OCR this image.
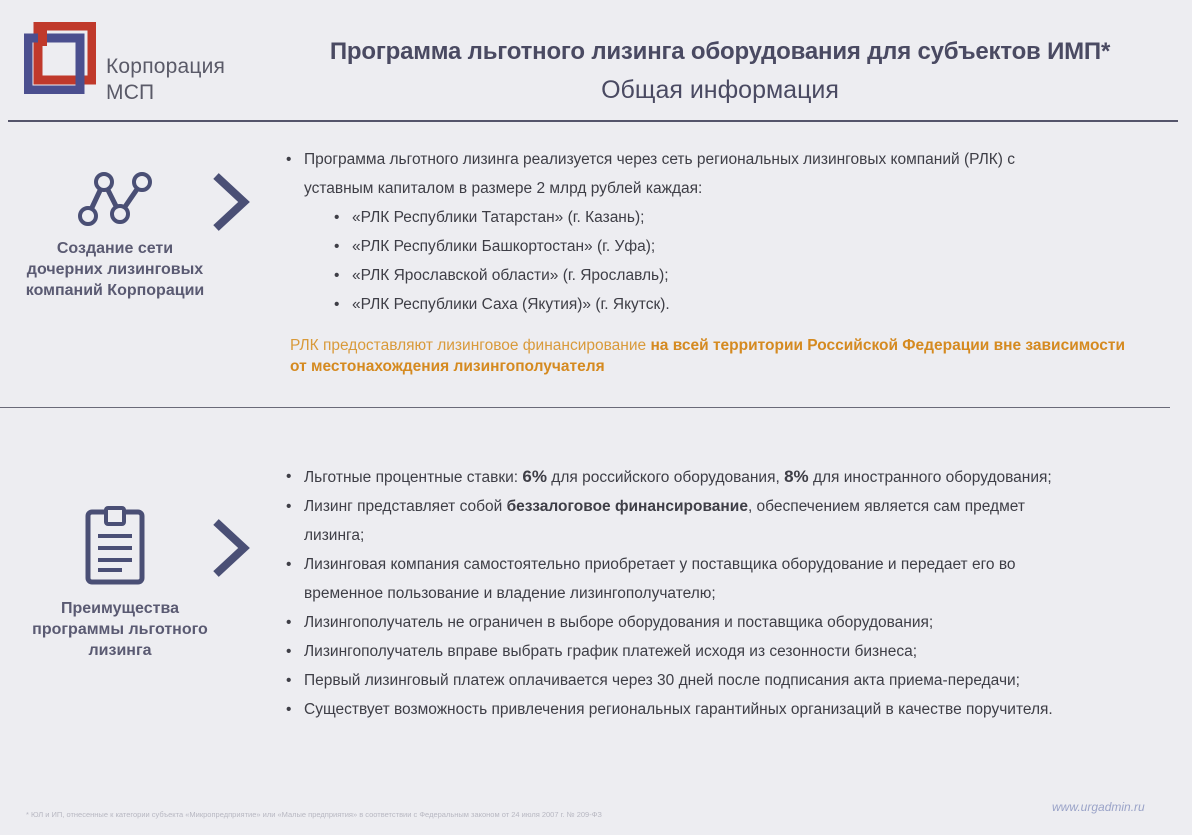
Корпорация
МСП
Программа льготного лизинга оборудования для субъектов ИМП*
Общая информация
Создание сети
дочерних лизинговых
компаний Корпорации
• Программа льготного лизинга реализуется через сеть региональных лизинговых компаний (РЛК) с
уставным капиталом в размере 2 млрд рублей каждая:
• «РЛК Республики Татарстан» (г. Казань);
• «РЛК Республики Башкортостан» (г. Уфа);
• «РЛК Ярославской области» (г. Ярославль);
• «РЛК Республики Саха (Якутия)» (г. Якутск).
РЛК предоставляют лизинговое финансирование на всей территории Российской Федерации вне зависимости от местонахождения лизингополучателя
Преимущества
программы льготного
лизинга
• Льготные процентные ставки: 6% для российского оборудования, 8% для иностранного оборудования;
• Лизинг представляет собой беззалоговое финансирование, обеспечением является сам предмет
лизинга;
• Лизинговая компания самостоятельно приобретает у поставщика оборудование и передает его во
временное пользование и владение лизингополучателю;
• Лизингополучатель не ограничен в выборе оборудования и поставщика оборудования;
• Лизингополучатель вправе выбрать график платежей исходя из сезонности бизнеса;
• Первый лизинговый платеж оплачивается через 30 дней после подписания акта приема-передачи;
• Существует возможность привлечения региональных гарантийных организаций в качестве поручителя.
* ЮЛ и ИП, отнесенные к категории субъекта «Микропредприятие» или «Малые предприятия» в соответствии с Федеральным законом от 24 июля 2007 г. № 209-ФЗ
www.urgadmin.ru
